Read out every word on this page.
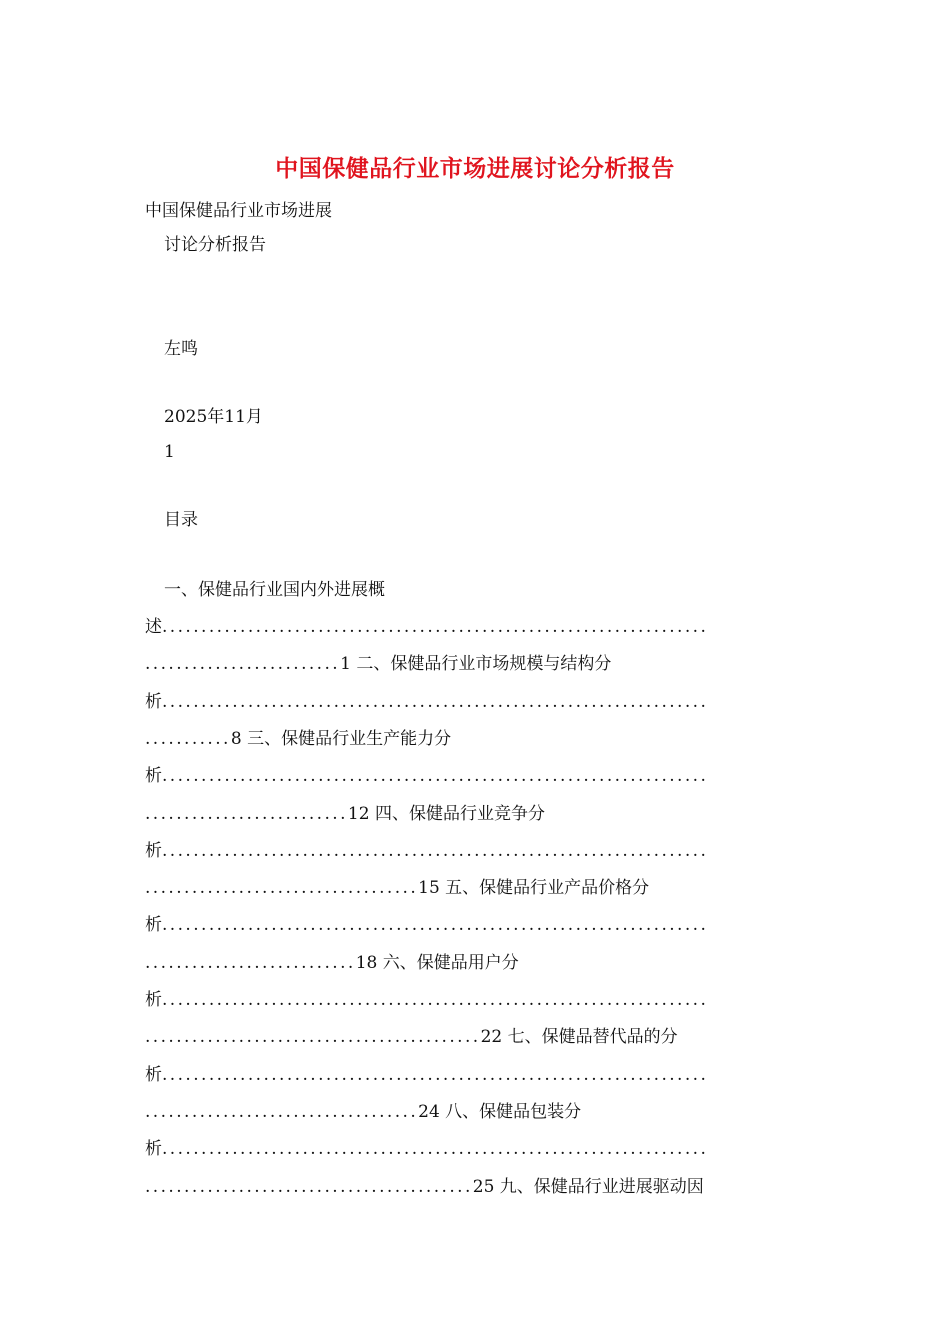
中国保健品行业市场进展讨论分析报告
中国保健品行业市场进展
讨论分析报告
左鸣
2025年11月
1
目录
一、保健品行业国内外进展概
述......................................................................
.........................1 二、保健品行业市场规模与结构分
析......................................................................
...........8 三、保健品行业生产能力分
析......................................................................
..........................12 四、保健品行业竞争分
析......................................................................
...................................15 五、保健品行业产品价格分
析......................................................................
...........................18 六、保健品用户分
析......................................................................
...........................................22 七、保健品替代品的分
析......................................................................
...................................24 八、保健品包装分
析......................................................................
..........................................25 九、保健品行业进展驱动因
